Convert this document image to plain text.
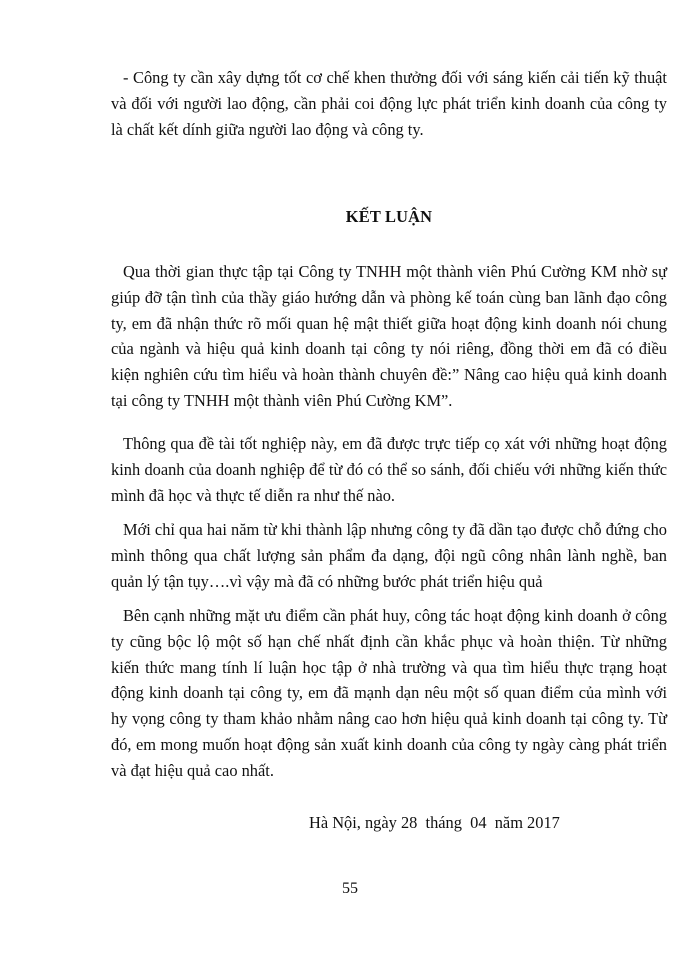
- Công ty cần xây dựng tốt cơ chế khen thưởng đối với sáng kiến cải tiến kỹ thuật và đối với người lao động, cần phải coi động lực phát triển kinh doanh của công ty là chất kết dính giữa người lao động và công ty.

KẾT LUẬN

Qua thời gian thực tập tại Công ty TNHH một thành viên Phú Cường KM nhờ sự giúp đỡ tận tình của thầy giáo hướng dẫn và phòng kế toán cùng ban lãnh đạo công ty, em đã nhận thức rõ mối quan hệ mật thiết giữa hoạt động kinh doanh nói chung của ngành và hiệu quả kinh doanh tại công ty nói riêng, đồng thời em đã có điều kiện nghiên cứu tìm hiểu và hoàn thành chuyên đề:” Nâng cao hiệu quả kinh doanh tại công ty TNHH một thành viên Phú Cường KM”.

Thông qua đề tài tốt nghiệp này, em đã được trực tiếp cọ xát với những hoạt động kinh doanh của doanh nghiệp để từ đó có thể so sánh, đối chiếu với những kiến thức mình đã học và thực tế diễn ra như thế nào.

Mới chỉ qua hai năm từ khi thành lập nhưng công ty đã dần tạo được chỗ đứng cho mình thông qua chất lượng sản phẩm đa dạng, đội ngũ công nhân lành nghề, ban quản lý tận tụy….vì vậy mà đã có những bước phát triển hiệu quả

Bên cạnh những mặt ưu điểm cần phát huy, công tác hoạt động kinh doanh ở công ty cũng bộc lộ một số hạn chế nhất định cần khắc phục và hoàn thiện. Từ những kiến thức mang tính lí luận học tập ở nhà trường và qua tìm hiểu thực trạng hoạt động kinh doanh tại công ty, em đã mạnh dạn nêu một số quan điểm của mình với hy vọng công ty tham khảo nhằm nâng cao hơn hiệu quả kinh doanh tại công ty. Từ đó, em mong muốn hoạt động sản xuất kinh doanh của công ty ngày càng phát triển và đạt hiệu quả cao nhất.

Hà Nội, ngày 28  tháng  04  năm 2017

55
